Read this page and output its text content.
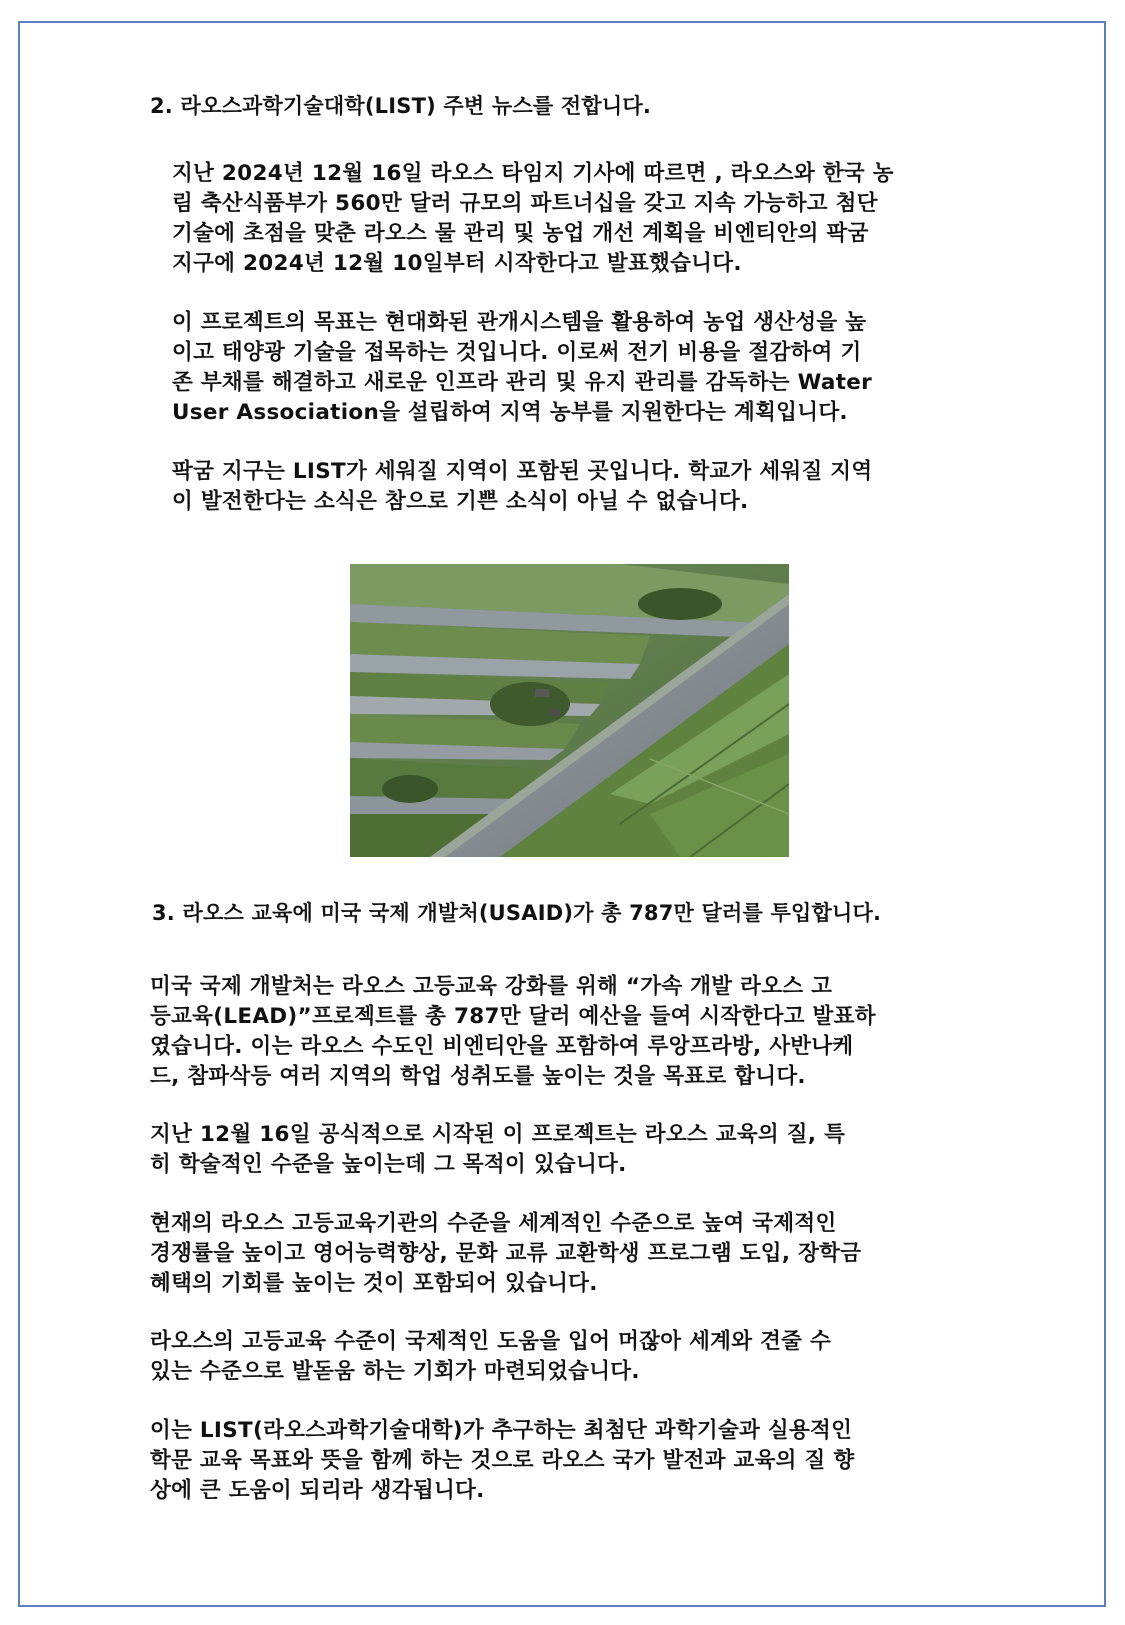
2. 라오스과학기술대학(LIST) 주변 뉴스를 전합니다.
지난 2024년 12월 16일 라오스 타임지 기사에 따르면 , 라오스와 한국 농
림 축산식품부가 560만 달러 규모의 파트너십을 갖고 지속 가능하고 첨단
기술에 초점을 맞춘 라오스 물 관리 및 농업 개선 계획을 비엔티안의 팍굼
지구에 2024년 12월 10일부터 시작한다고 발표했습니다.
이 프로젝트의 목표는 현대화된 관개시스템을 활용하여 농업 생산성을 높
이고 태양광 기술을 접목하는 것입니다. 이로써 전기 비용을 절감하여 기
존 부채를 해결하고 새로운 인프라 관리 및 유지 관리를 감독하는 Water
User Association을 설립하여 지역 농부를 지원한다는 계획입니다.
팍굼 지구는 LIST가 세워질 지역이 포함된 곳입니다. 학교가 세워질 지역
이 발전한다는 소식은 참으로 기쁜 소식이 아닐 수 없습니다.
3. 라오스 교육에 미국 국제 개발처(USAID)가 총 787만 달러를 투입합니다.
미국 국제 개발처는 라오스 고등교육 강화를 위해 “가속 개발 라오스 고
등교육(LEAD)”프로젝트를 총 787만 달러 예산을 들여 시작한다고 발표하
였습니다. 이는 라오스 수도인 비엔티안을 포함하여 루앙프라방, 사반나케
드, 참파삭등 여러 지역의 학업 성취도를 높이는 것을 목표로 합니다.
지난 12월 16일 공식적으로 시작된 이 프로젝트는 라오스 교육의 질, 특
히 학술적인 수준을 높이는데 그 목적이 있습니다.
현재의 라오스 고등교육기관의 수준을 세계적인 수준으로 높여 국제적인
경쟁률을 높이고 영어능력향상, 문화 교류 교환학생 프로그램 도입, 장학금
혜택의 기회를 높이는 것이 포함되어 있습니다.
라오스의 고등교육 수준이 국제적인 도움을 입어 머잖아 세계와 견줄 수
있는 수준으로 발돋움 하는 기회가 마련되었습니다.
이는 LIST(라오스과학기술대학)가 추구하는 최첨단 과학기술과 실용적인
학문 교육 목표와 뜻을 함께 하는 것으로 라오스 국가 발전과 교육의 질 향
상에 큰 도움이 되리라 생각됩니다.
